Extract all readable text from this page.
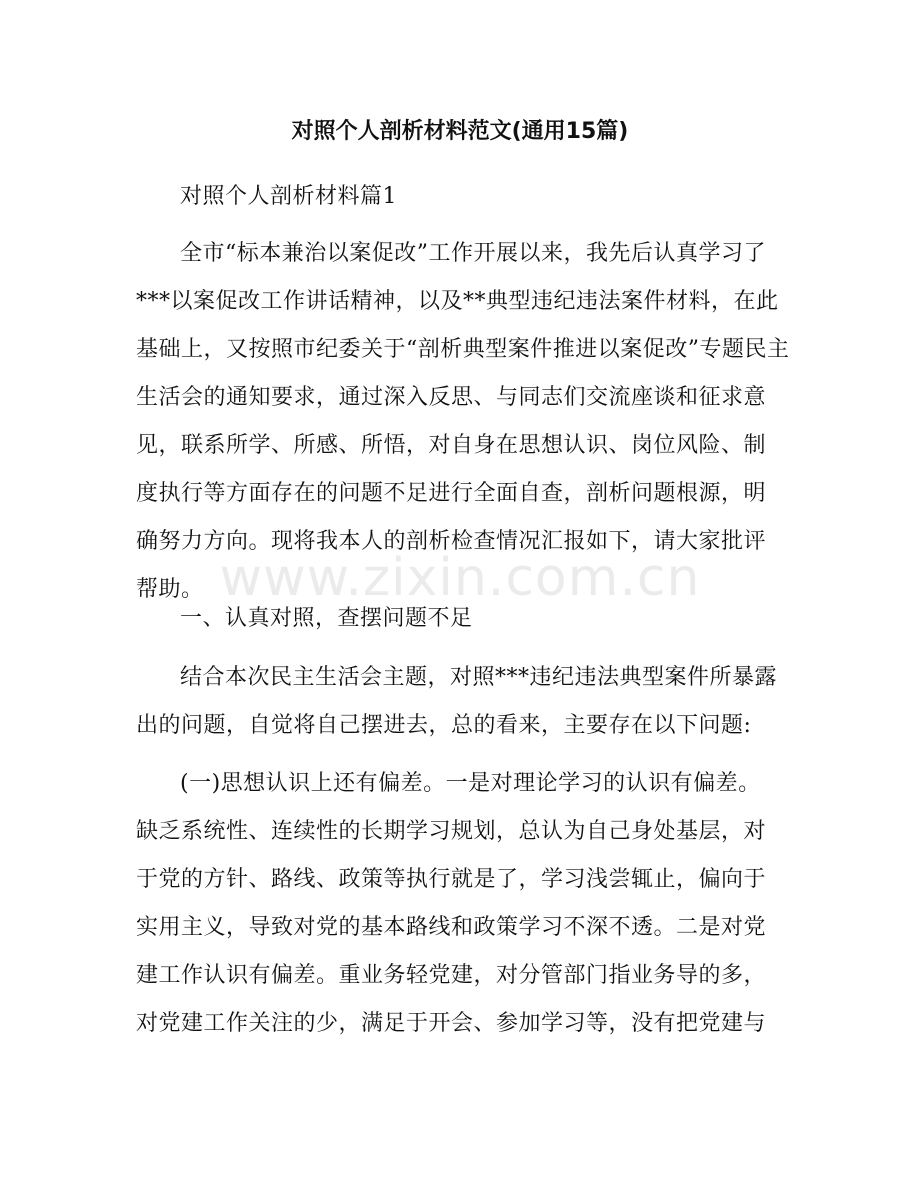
对照个人剖析材料范文(通用15篇)
对照个人剖析材料篇1
全市“标本兼治以案促改”工作开展以来，我先后认真学习了
***以案促改工作讲话精神，以及**典型违纪违法案件材料，在此
基础上，又按照市纪委关于“剖析典型案件推进以案促改”专题民主
生活会的通知要求，通过深入反思、与同志们交流座谈和征求意
见，联系所学、所感、所悟，对自身在思想认识、岗位风险、制
度执行等方面存在的问题不足进行全面自查，剖析问题根源，明
确努力方向。现将我本人的剖析检查情况汇报如下，请大家批评
帮助。
一、认真对照，查摆问题不足
结合本次民主生活会主题，对照***违纪违法典型案件所暴露
出的问题，自觉将自己摆进去，总的看来，主要存在以下问题:
(一)思想认识上还有偏差。一是对理论学习的认识有偏差。
缺乏系统性、连续性的长期学习规划，总认为自己身处基层，对
于党的方针、路线、政策等执行就是了，学习浅尝辄止，偏向于
实用主义，导致对党的基本路线和政策学习不深不透。二是对党
建工作认识有偏差。重业务轻党建，对分管部门指业务导的多，
对党建工作关注的少，满足于开会、参加学习等，没有把党建与
www.zixin.com.cn
